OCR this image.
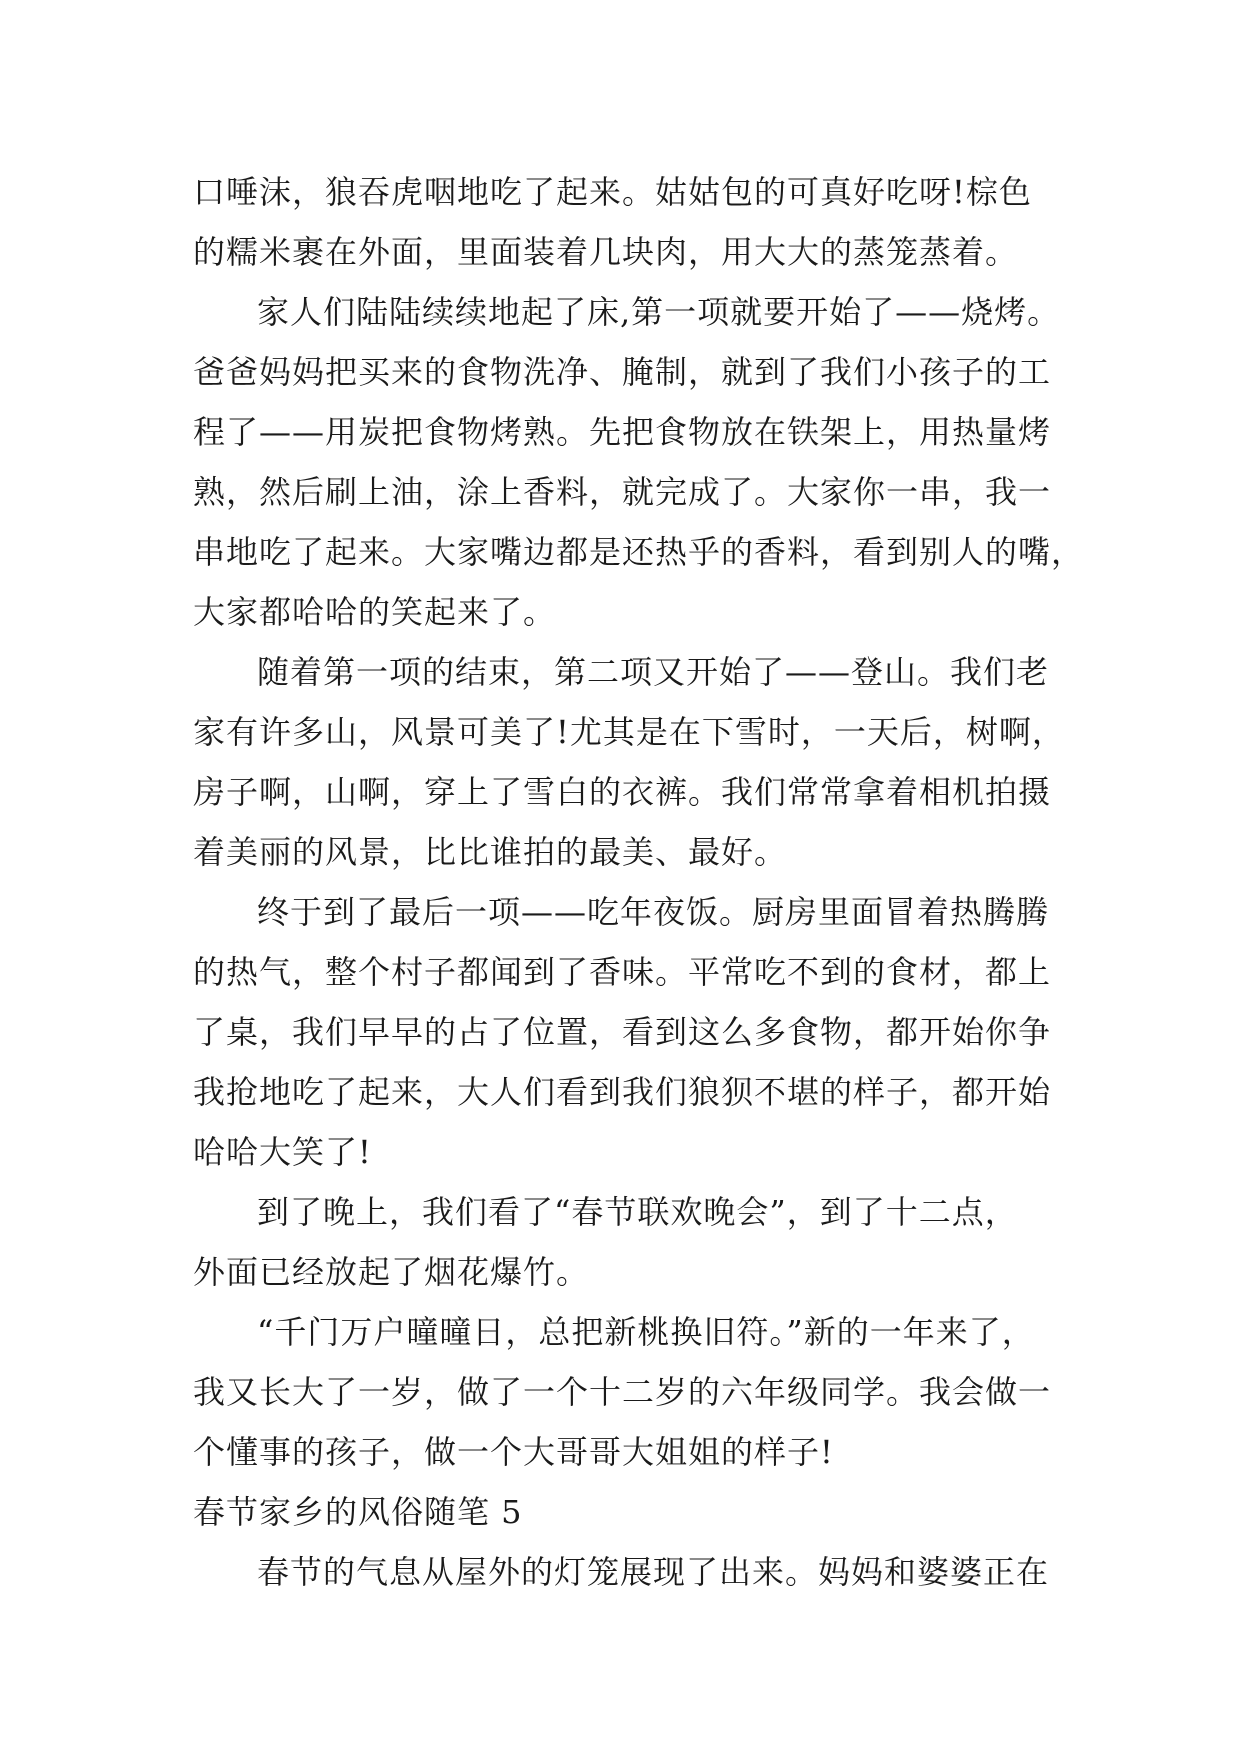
口唾沫，狼吞虎咽地吃了起来。姑姑包的可真好吃呀!棕色
的糯米裹在外面，里面装着几块肉，用大大的蒸笼蒸着。
家人们陆陆续续地起了床,第一项就要开始了——烧烤。
爸爸妈妈把买来的食物洗净、腌制，就到了我们小孩子的工
程了——用炭把食物烤熟。先把食物放在铁架上，用热量烤
熟，然后刷上油，涂上香料，就完成了。大家你一串，我一
串地吃了起来。大家嘴边都是还热乎的香料，看到别人的嘴，
大家都哈哈的笑起来了。
随着第一项的结束，第二项又开始了——登山。我们老
家有许多山，风景可美了!尤其是在下雪时，一天后，树啊，
房子啊，山啊，穿上了雪白的衣裤。我们常常拿着相机拍摄
着美丽的风景，比比谁拍的最美、最好。
终于到了最后一项——吃年夜饭。厨房里面冒着热腾腾
的热气，整个村子都闻到了香味。平常吃不到的食材，都上
了桌，我们早早的占了位置，看到这么多食物，都开始你争
我抢地吃了起来，大人们看到我们狼狈不堪的样子，都开始
哈哈大笑了!
到了晚上，我们看了“春节联欢晚会”，到了十二点，
外面已经放起了烟花爆竹。
“千门万户曈曈日，总把新桃换旧符。”新的一年来了，
我又长大了一岁，做了一个十二岁的六年级同学。我会做一
个懂事的孩子，做一个大哥哥大姐姐的样子!
春节家乡的风俗随笔 5
春节的气息从屋外的灯笼展现了出来。妈妈和婆婆正在
